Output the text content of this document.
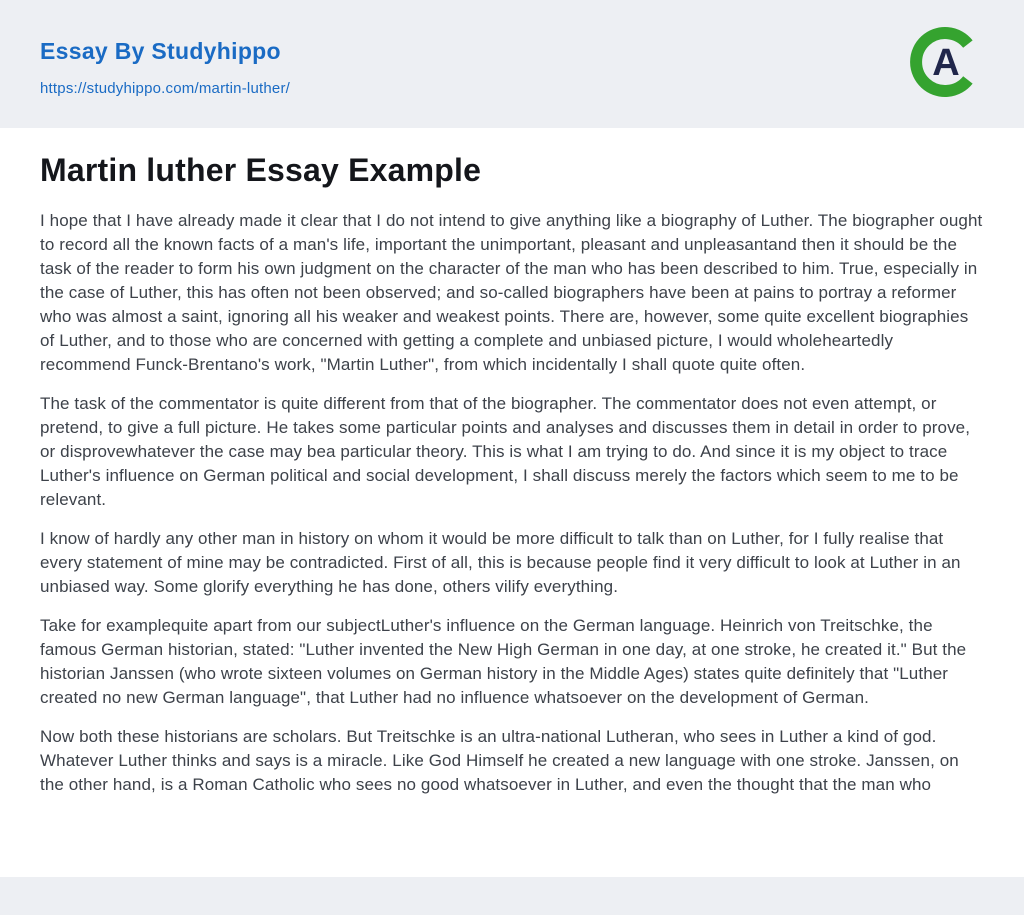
Essay By Studyhippo
https://studyhippo.com/martin-luther/
A
Martin luther Essay Example

I hope that I have already made it clear that I do not intend to give anything like a biography of Luther. The biographer ought to record all the known facts of a man's life, important the unimportant, pleasant and unpleasantand then it should be the task of the reader to form his own judgment on the character of the man who has been described to him. True, especially in the case of Luther, this has often not been observed; and so-called biographers have been at pains to portray a reformer who was almost a saint, ignoring all his weaker and weakest points. There are, however, some quite excellent biographies of Luther, and to those who are concerned with getting a complete and unbiased picture, I would wholeheartedly recommend Funck-Brentano's work, "Martin Luther", from which incidentally I shall quote quite often.

The task of the commentator is quite different from that of the biographer. The commentator does not even attempt, or pretend, to give a full picture. He takes some particular points and analyses and discusses them in detail in order to prove, or disprovewhatever the case may bea particular theory. This is what I am trying to do. And since it is my object to trace Luther's influence on German political and social development, I shall discuss merely the factors which seem to me to be relevant.

I know of hardly any other man in history on whom it would be more difficult to talk than on Luther, for I fully realise that every statement of mine may be contradicted. First of all, this is because people find it very difficult to look at Luther in an unbiased way. Some glorify everything he has done, others vilify everything.

Take for examplequite apart from our subjectLuther's influence on the German language. Heinrich von Treitschke, the famous German historian, stated: "Luther invented the New High German in one day, at one stroke, he created it." But the historian Janssen (who wrote sixteen volumes on German history in the Middle Ages) states quite definitely that "Luther created no new German language", that Luther had no influence whatsoever on the development of German.

Now both these historians are scholars. But Treitschke is an ultra-national Lutheran, who sees in Luther a kind of god. Whatever Luther thinks and says is a miracle. Like God Himself he created a new language with one stroke. Janssen, on the other hand, is a Roman Catholic who sees no good whatsoever in Luther, and even the thought that the man who
